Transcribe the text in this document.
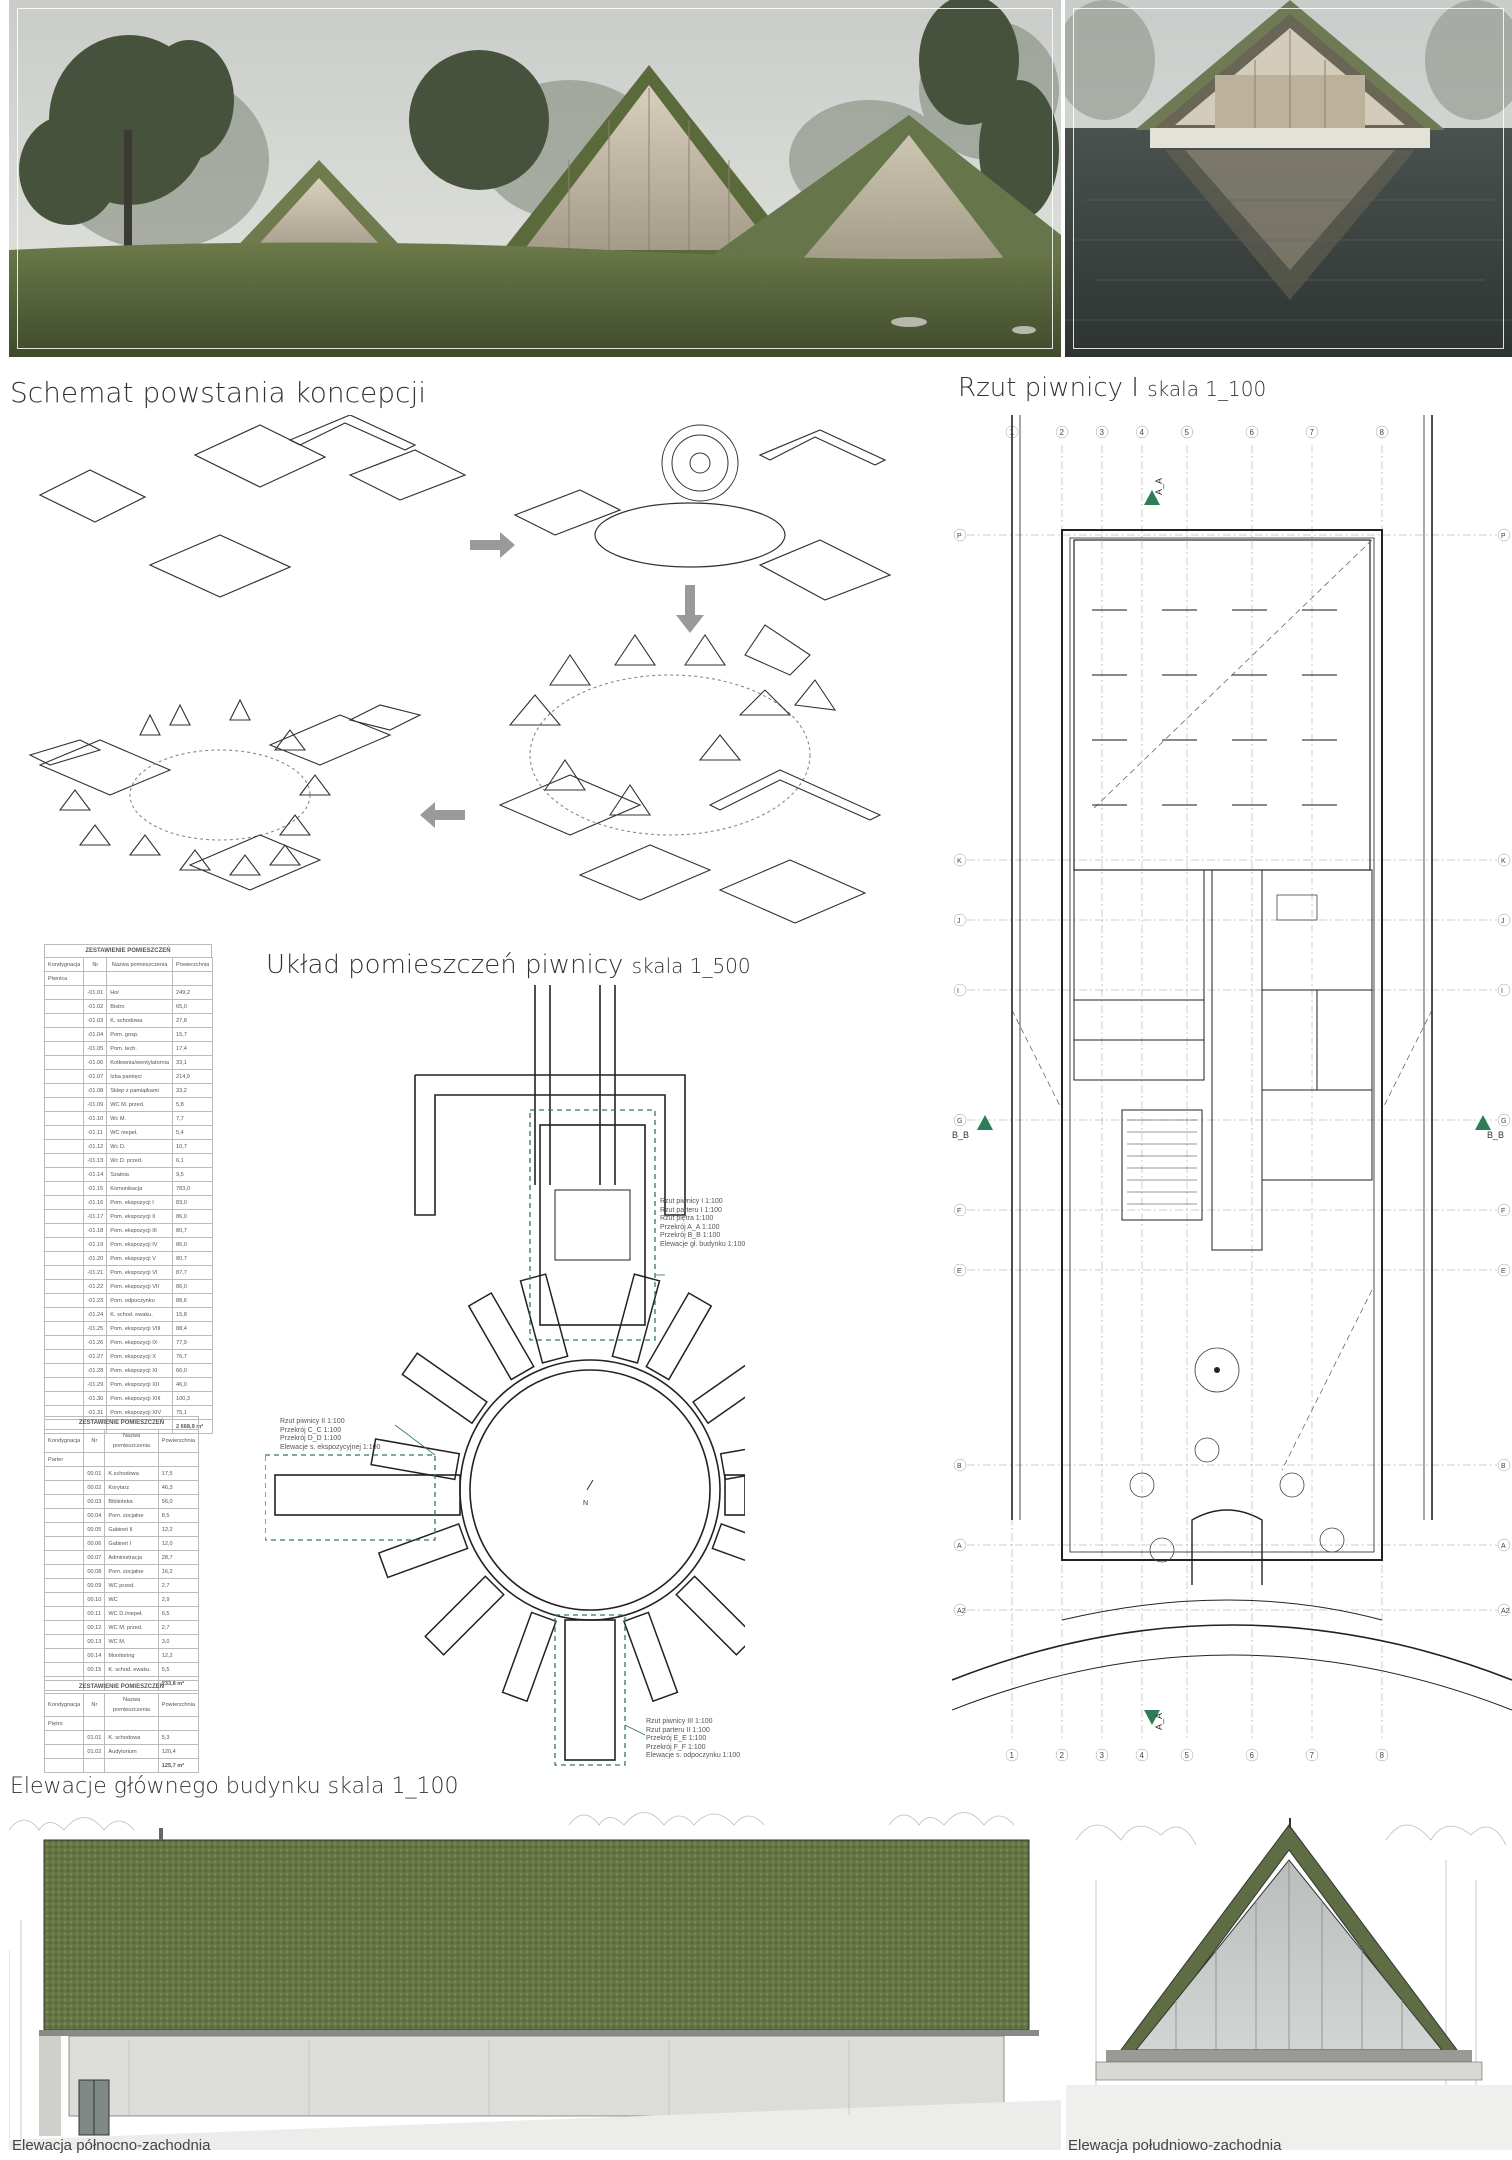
Schemat powstania koncepcji	Rzut piwnicy I skala 1_100
Układ pomieszczeń piwnicy skala 1_500
Elewacje głównego budynku skala 1_100
ZESTAWIENIE POMIESZCZEŃ
Kondygnacja	Nr	Nazwa pomieszczenia	Powierzchnia
Piwnica			
	-01.01	Hol	249,2
	-01.02	Bistro	65,0
	-01.03	K. schodowa	27,8
	-01.04	Pom. gosp.	15,7
	-01.05	Pom. tech.	17,4
	-01.06	Kotłownia/wentylatornia	33,1
	-01.07	Izba pamięci	214,9
	-01.08	Sklep z pamiątkami	33,2
	-01.09	WC M. przed.	5,8
	-01.10	Wc M.	7,7
	-01.11	WC niepeł.	5,4
	-01.12	Wc D.	10,7
	-01.13	Wc D. przed.	6,1
	-01.14	Szatnia	9,5
	-01.15	Komunikacja	783,0
	-01.16	Pom. ekspozycji I	83,0
	-01.17	Pom. ekspozycji II	86,0
	-01.18	Pom. ekspozycji III	80,7
	-01.19	Pom. ekspozycji IV	86,0
	-01.20	Pom. ekspozycji V	80,7
	-01.21	Pom. ekspozycji VI	87,7
	-01.22	Pom. ekspozycji VII	86,0
	-01.23	Pom. odpoczynku	88,6
	-01.24	K. schod. ewaku.	15,8
	-01.25	Pom. ekspozycji VIII	88,4
	-01.26	Pom. ekspozycji IX	77,9
	-01.27	Pom. ekspozycji X	76,7
	-01.28	Pom. ekspozycji XI	66,0
	-01.29	Pom. ekspozycji XII	46,0
	-01.30	Pom. ekspozycji XIII	100,3
	-01.31	Pom. ekspozycji XIV	75,1
			2 668,9 m²
ZESTAWIENIE POMIESZCZEŃ
Kondygnacja	Nr	Nazwa pomieszczenia	Powierzchnia
Parter			
	00.01	K.schodowa	17,5
	00.02	Korytarz	46,3
	00.03	Biblioteka	56,0
	00.04	Pom. socjalne	8,5
	00.05	Gabinet II	12,2
	00.06	Gabinet I	12,0
	00.07	Administracja	28,7
	00.08	Pom. socjalne	16,2
	00.09	WC przed.	2,7
	00.10	WC	2,9
	00.11	WC D./niepeł.	6,5
	00.12	WC M. przed.	2,7
	00.13	WC M.	3,0
	00.14	Monitoring	12,2
	00.15	K. schod. ewaku.	5,5
			233,8 m²
ZESTAWIENIE POMIESZCZEŃ
Kondygnacja	Nr	Nazwa pomieszczenia	Powierzchnia
Piętro			
	01.01	K. schodowa	5,3
	01.02	Audytorium	120,4
			125,7 m²
N
Rzut piwnicy I 1:100
Rzut parteru I 1:100
Rzut piętra 1:100
Przekrój A_A 1:100
Przekrój B_B 1:100
Elewacje gł. budynku 1:100
Rzut piwnicy II 1:100
Przekrój C_C 1:100
Przekrój D_D 1:100
Elewacje s. ekspozycyjnej 1:100
Rzut piwnicy III 1:100
Rzut parteru II 1:100
Przekrój E_E 1:100
Przekrój F_F 1:100
Elewacje s. odpoczynku 1:100
1
1
2
2
3
3
4
4
5
5
6
6
7
7
8
8
P	P
K	K
J	J
I	I
G	G
F	F
E	E
B	B
A	A
A2	A2
B_B	B_B
A_A
A_A
Elewacja północno-zachodnia	Elewacja południowo-zachodnia
